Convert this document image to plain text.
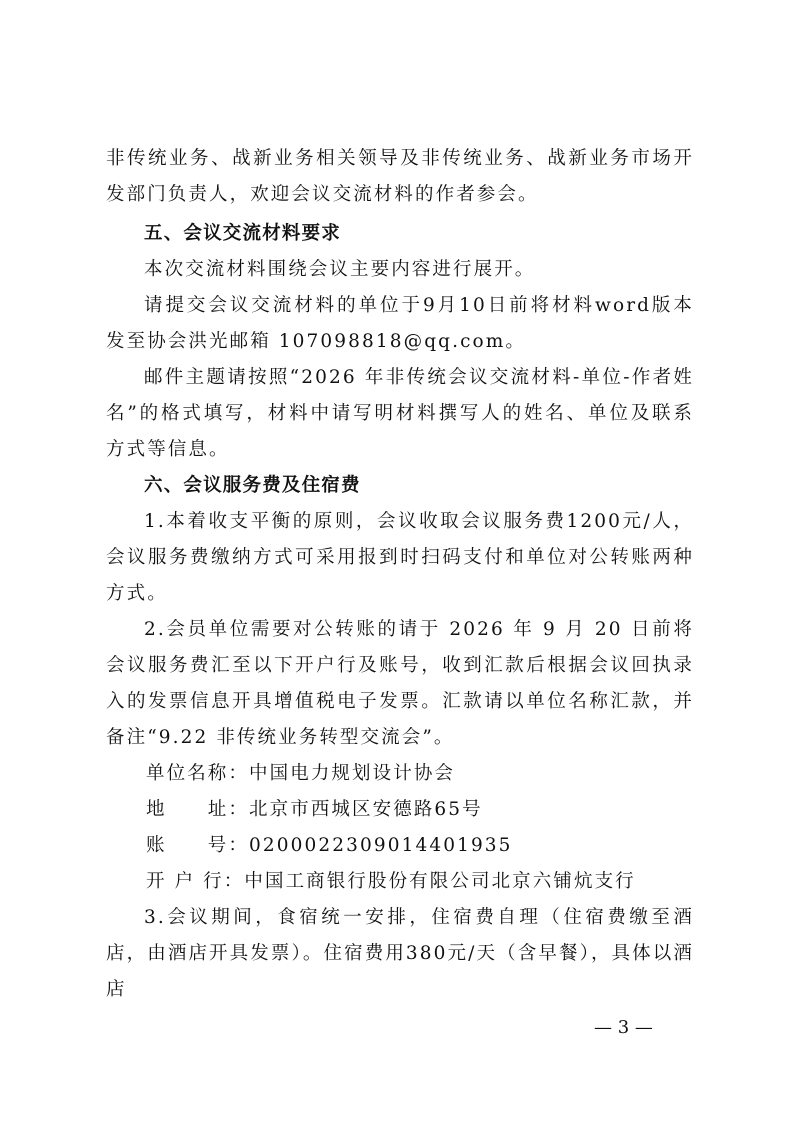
非传统业务、战新业务相关领导及非传统业务、战新业务市场开发部门负责人，欢迎会议交流材料的作者参会。
五、会议交流材料要求
本次交流材料围绕会议主要内容进行展开。
请提交会议交流材料的单位于9月10日前将材料word版本发至协会洪光邮箱 107098818@qq.com。
邮件主题请按照“2026 年非传统会议交流材料-单位-作者姓名”的格式填写，材料中请写明材料撰写人的姓名、单位及联系方式等信息。
六、会议服务费及住宿费
1.本着收支平衡的原则，会议收取会议服务费1200元/人，会议服务费缴纳方式可采用报到时扫码支付和单位对公转账两种方式。
2.会员单位需要对公转账的请于 2026 年 9 月 20 日前将会议服务费汇至以下开户行及账号，收到汇款后根据会议回执录入的发票信息开具增值税电子发票。汇款请以单位名称汇款，并备注“9.22 非传统业务转型交流会”。
单位名称：中国电力规划设计协会
地　　址：北京市西城区安德路65号
账　　号：0200022309014401935
开 户 行：中国工商银行股份有限公司北京六铺炕支行
3.会议期间，食宿统一安排，住宿费自理（住宿费缴至酒店，由酒店开具发票）。住宿费用380元/天（含早餐），具体以酒店
— 3 —
